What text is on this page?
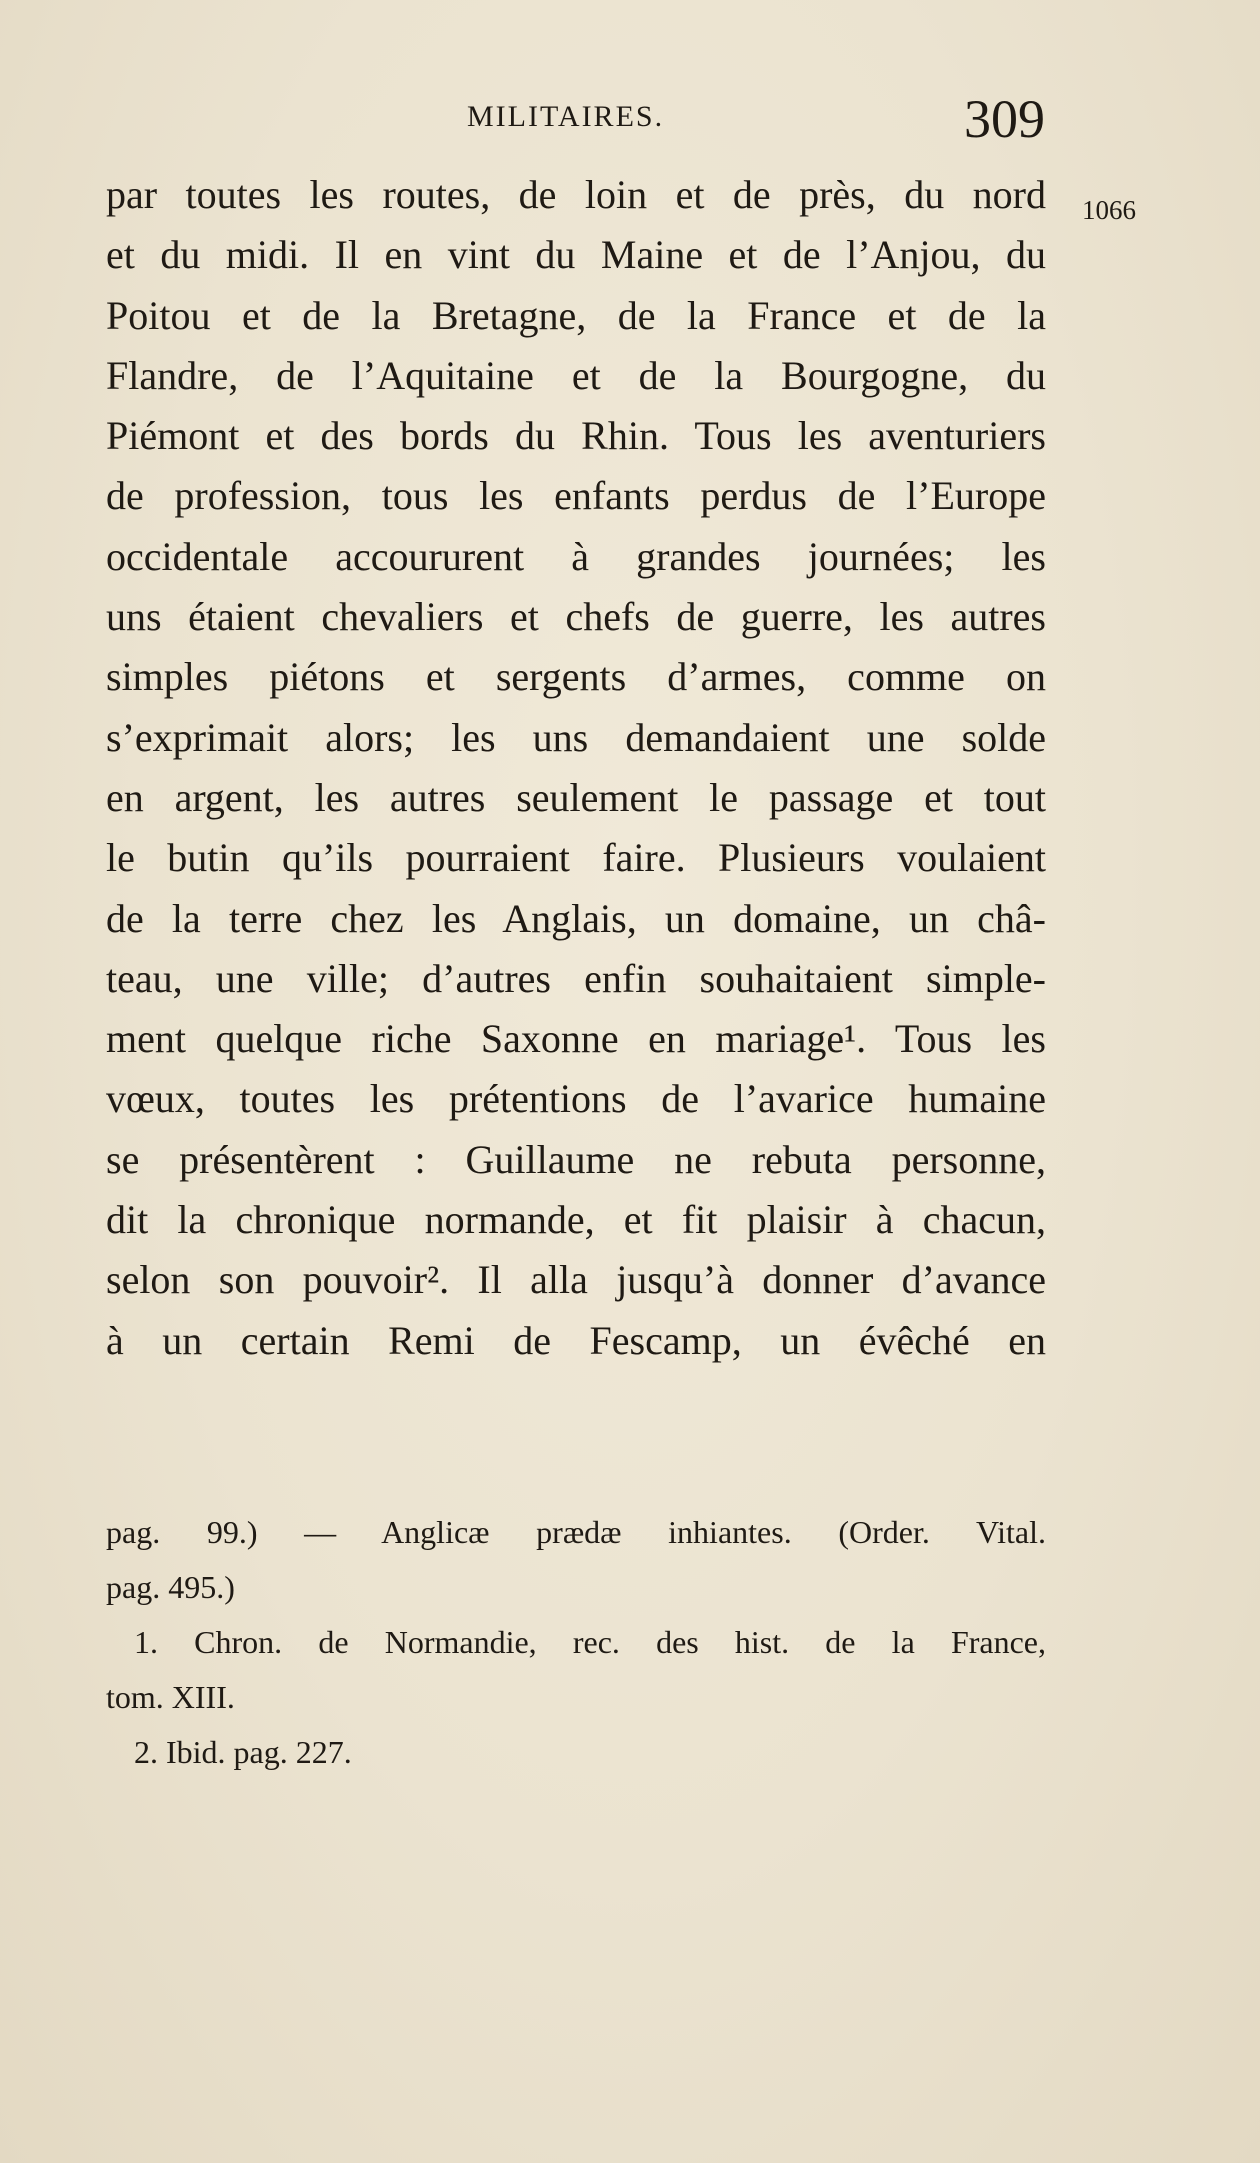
MILITAIRES.	309
1066
par toutes les routes, de loin et de près, du nord
et du midi. Il en vint du Maine et de l’Anjou, du
Poitou et de la Bretagne, de la France et de la
Flandre, de l’Aquitaine et de la Bourgogne, du
Piémont et des bords du Rhin. Tous les aventuriers
de profession, tous les enfants perdus de l’Europe
occidentale accoururent à grandes journées; les
uns étaient chevaliers et chefs de guerre, les autres
simples piétons et sergents d’armes, comme on
s’exprimait alors; les uns demandaient une solde
en argent, les autres seulement le passage et tout
le butin qu’ils pourraient faire. Plusieurs voulaient
de la terre chez les Anglais, un domaine, un châ-
teau, une ville; d’autres enfin souhaitaient simple-
ment quelque riche Saxonne en mariage¹. Tous les
vœux, toutes les prétentions de l’avarice humaine
se présentèrent : Guillaume ne rebuta personne,
dit la chronique normande, et fit plaisir à chacun,
selon son pouvoir². Il alla jusqu’à donner d’avance
à un certain Remi de Fescamp, un évêché en
pag. 99.) — Anglicæ prædæ inhiantes. (Order. Vital.
pag. 495.)
1. Chron. de Normandie, rec. des hist. de la France,
tom. XIII.
2. Ibid. pag. 227.
